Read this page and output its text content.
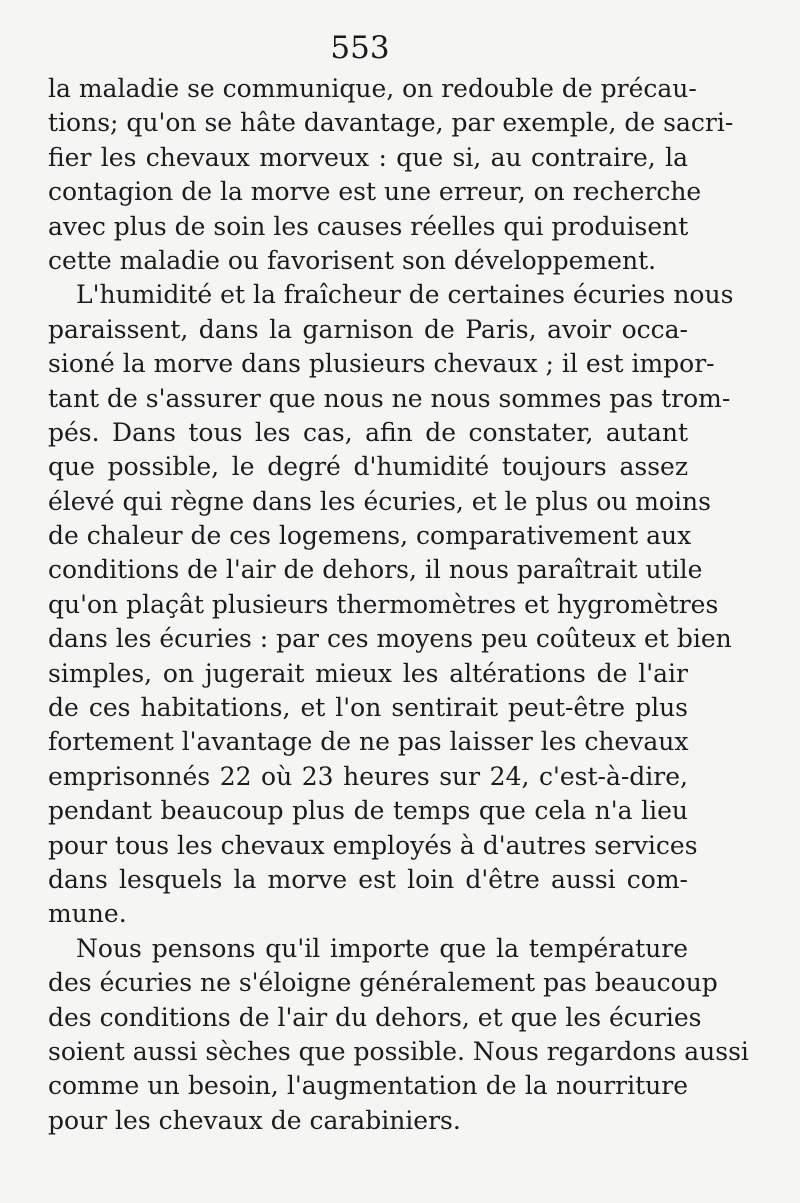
553
la maladie se communique, on redouble de précau-
tions; qu'on se hâte davantage, par exemple, de sacri-
fier les chevaux morveux : que si, au contraire, la
contagion de la morve est une erreur, on recherche
avec plus de soin les causes réelles qui produisent
cette maladie ou favorisent son développement.
L'humidité et la fraîcheur de certaines écuries nous
paraissent, dans la garnison de Paris, avoir occa-
sioné la morve dans plusieurs chevaux ; il est impor-
tant de s'assurer que nous ne nous sommes pas trom-
pés. Dans tous les cas, afin de constater, autant
que possible, le degré d'humidité toujours assez
élevé qui règne dans les écuries, et le plus ou moins
de chaleur de ces logemens, comparativement aux
conditions de l'air de dehors, il nous paraîtrait utile
qu'on plaçât plusieurs thermomètres et hygromètres
dans les écuries : par ces moyens peu coûteux et bien
simples, on jugerait mieux les altérations de l'air
de ces habitations, et l'on sentirait peut-être plus
fortement l'avantage de ne pas laisser les chevaux
emprisonnés 22 où 23 heures sur 24, c'est-à-dire,
pendant beaucoup plus de temps que cela n'a lieu
pour tous les chevaux employés à d'autres services
dans lesquels la morve est loin d'être aussi com-
mune.
Nous pensons qu'il importe que la température
des écuries ne s'éloigne généralement pas beaucoup
des conditions de l'air du dehors, et que les écuries
soient aussi sèches que possible. Nous regardons aussi
comme un besoin, l'augmentation de la nourriture
pour les chevaux de carabiniers.
